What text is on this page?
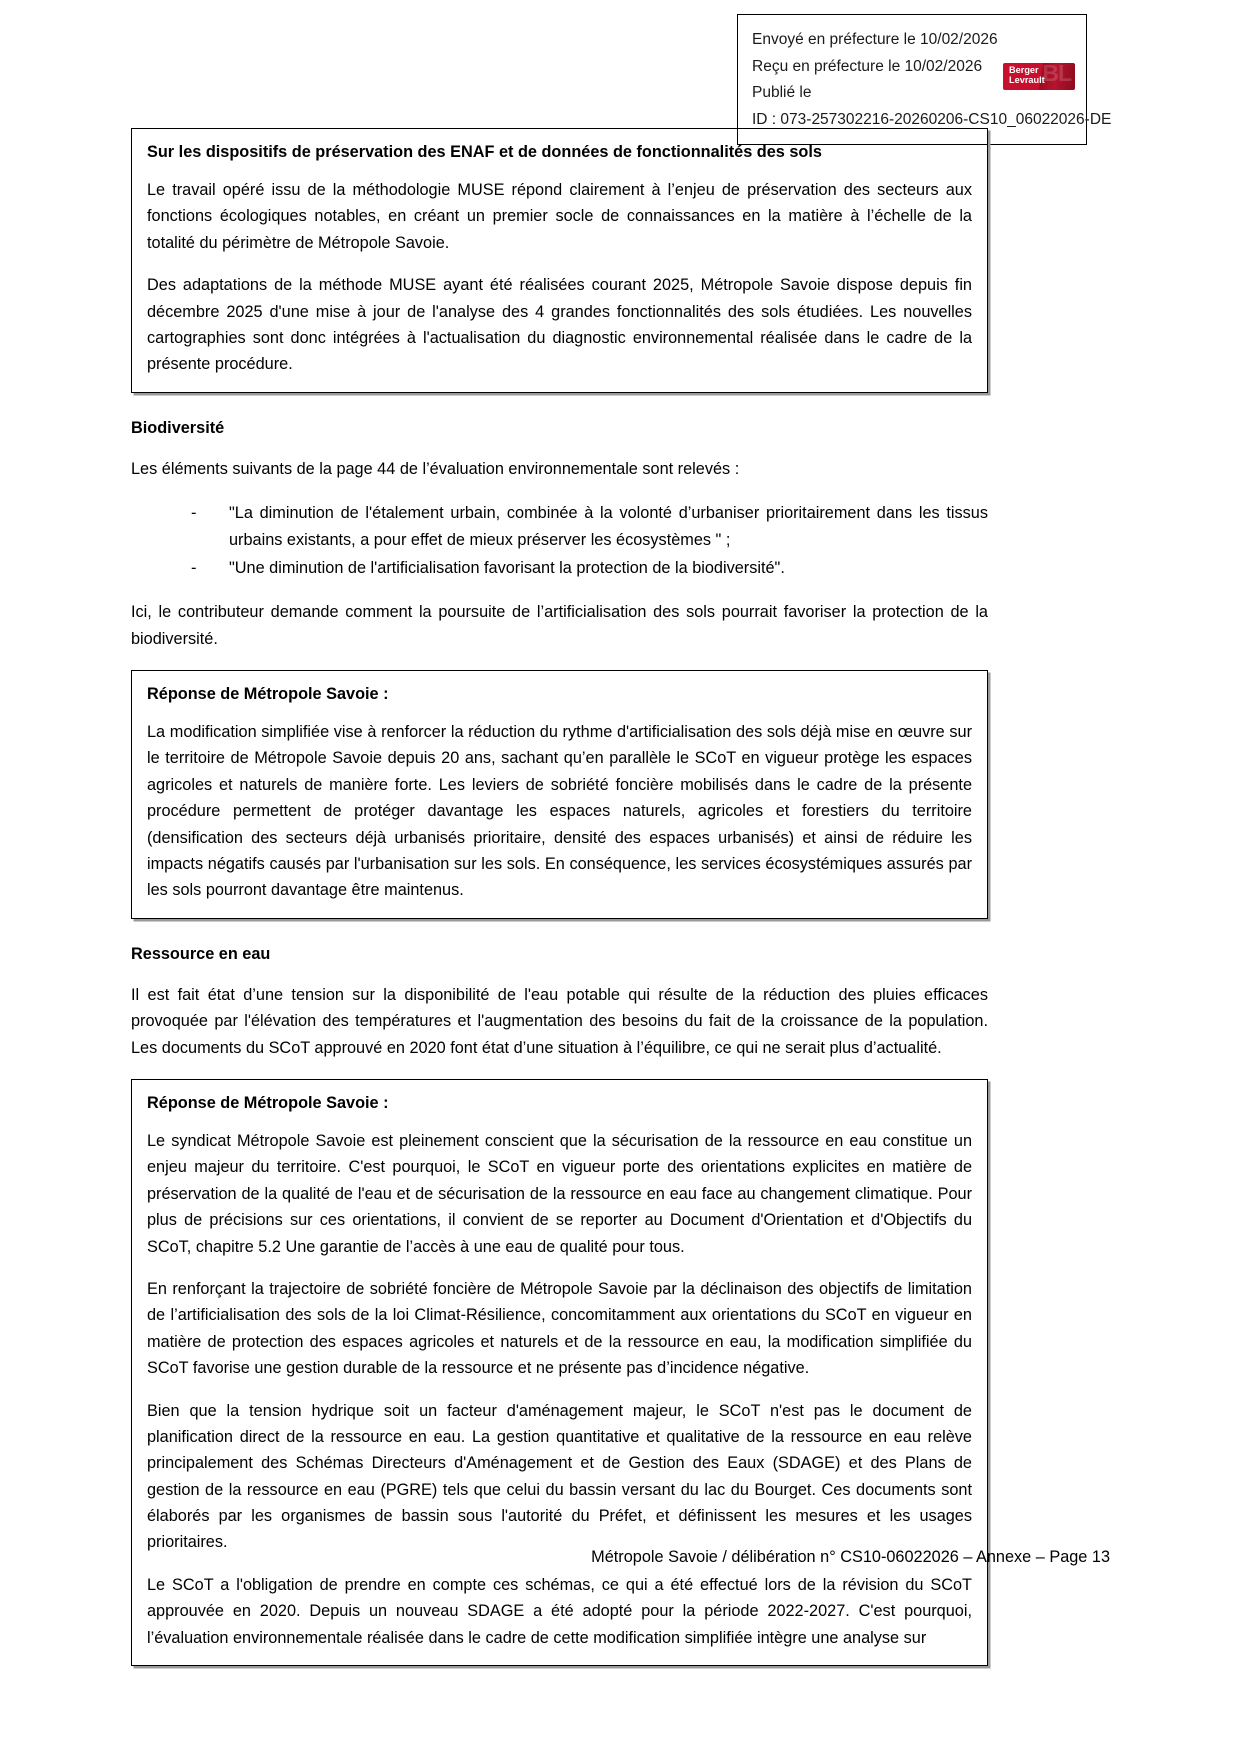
Envoyé en préfecture le 10/02/2026
Reçu en préfecture le 10/02/2026
Publié le
ID : 073-257302216-20260206-CS10_06022026-DE
BL
Berger
Levrault
Sur les dispositifs de préservation des ENAF et de données de fonctionnalités des sols

Le travail opéré issu de la méthodologie MUSE répond clairement à l’enjeu de préservation des secteurs aux fonctions écologiques notables, en créant un premier socle de connaissances en la matière à l’échelle de la totalité du périmètre de Métropole Savoie.

Des adaptations de la méthode MUSE ayant été réalisées courant 2025, Métropole Savoie dispose depuis fin décembre 2025 d'une mise à jour de l'analyse des 4 grandes fonctionnalités des sols étudiées. Les nouvelles cartographies sont donc intégrées à l'actualisation du diagnostic environnemental réalisée dans le cadre de la présente procédure.

Biodiversité

Les éléments suivants de la page 44 de l’évaluation environnementale sont relevés :

- "La diminution de l'étalement urbain, combinée à la volonté d’urbaniser prioritairement dans les tissus urbains existants, a pour effet de mieux préserver les écosystèmes " ;
- "Une diminution de l'artificialisation favorisant la protection de la biodiversité".

Ici, le contributeur demande comment la poursuite de l’artificialisation des sols pourrait favoriser la protection de la biodiversité.

Réponse de Métropole Savoie :

La modification simplifiée vise à renforcer la réduction du rythme d'artificialisation des sols déjà mise en œuvre sur le territoire de Métropole Savoie depuis 20 ans, sachant qu’en parallèle le SCoT en vigueur protège les espaces agricoles et naturels de manière forte. Les leviers de sobriété foncière mobilisés dans le cadre de la présente procédure permettent de protéger davantage les espaces naturels, agricoles et forestiers du territoire (densification des secteurs déjà urbanisés prioritaire, densité des espaces urbanisés) et ainsi de réduire les impacts négatifs causés par l'urbanisation sur les sols. En conséquence, les services écosystémiques assurés par les sols pourront davantage être maintenus.

Ressource en eau

Il est fait état d’une tension sur la disponibilité de l'eau potable qui résulte de la réduction des pluies efficaces provoquée par l'élévation des températures et l'augmentation des besoins du fait de la croissance de la population. Les documents du SCoT approuvé en 2020 font état d’une situation à l’équilibre, ce qui ne serait plus d’actualité.

Réponse de Métropole Savoie :

Le syndicat Métropole Savoie est pleinement conscient que la sécurisation de la ressource en eau constitue un enjeu majeur du territoire. C'est pourquoi, le SCoT en vigueur porte des orientations explicites en matière de préservation de la qualité de l'eau et de sécurisation de la ressource en eau face au changement climatique. Pour plus de précisions sur ces orientations, il convient de se reporter au Document d'Orientation et d'Objectifs du SCoT, chapitre 5.2 Une garantie de l’accès à une eau de qualité pour tous.

En renforçant la trajectoire de sobriété foncière de Métropole Savoie par la déclinaison des objectifs de limitation de l’artificialisation des sols de la loi Climat-Résilience, concomitamment aux orientations du SCoT en vigueur en matière de protection des espaces agricoles et naturels et de la ressource en eau, la modification simplifiée du SCoT favorise une gestion durable de la ressource et ne présente pas d’incidence négative.

Bien que la tension hydrique soit un facteur d'aménagement majeur, le SCoT n'est pas le document de planification direct de la ressource en eau. La gestion quantitative et qualitative de la ressource en eau relève principalement des Schémas Directeurs d'Aménagement et de Gestion des Eaux (SDAGE) et des Plans de gestion de la ressource en eau (PGRE) tels que celui du bassin versant du lac du Bourget. Ces documents sont élaborés par les organismes de bassin sous l'autorité du Préfet, et définissent les mesures et les usages prioritaires.

Le SCoT a l'obligation de prendre en compte ces schémas, ce qui a été effectué lors de la révision du SCoT approuvée en 2020. Depuis un nouveau SDAGE a été adopté pour la période 2022-2027. C'est pourquoi, l’évaluation environnementale réalisée dans le cadre de cette modification simplifiée intègre une analyse sur

Métropole Savoie / délibération n° CS10-06022026 – Annexe – Page 13
